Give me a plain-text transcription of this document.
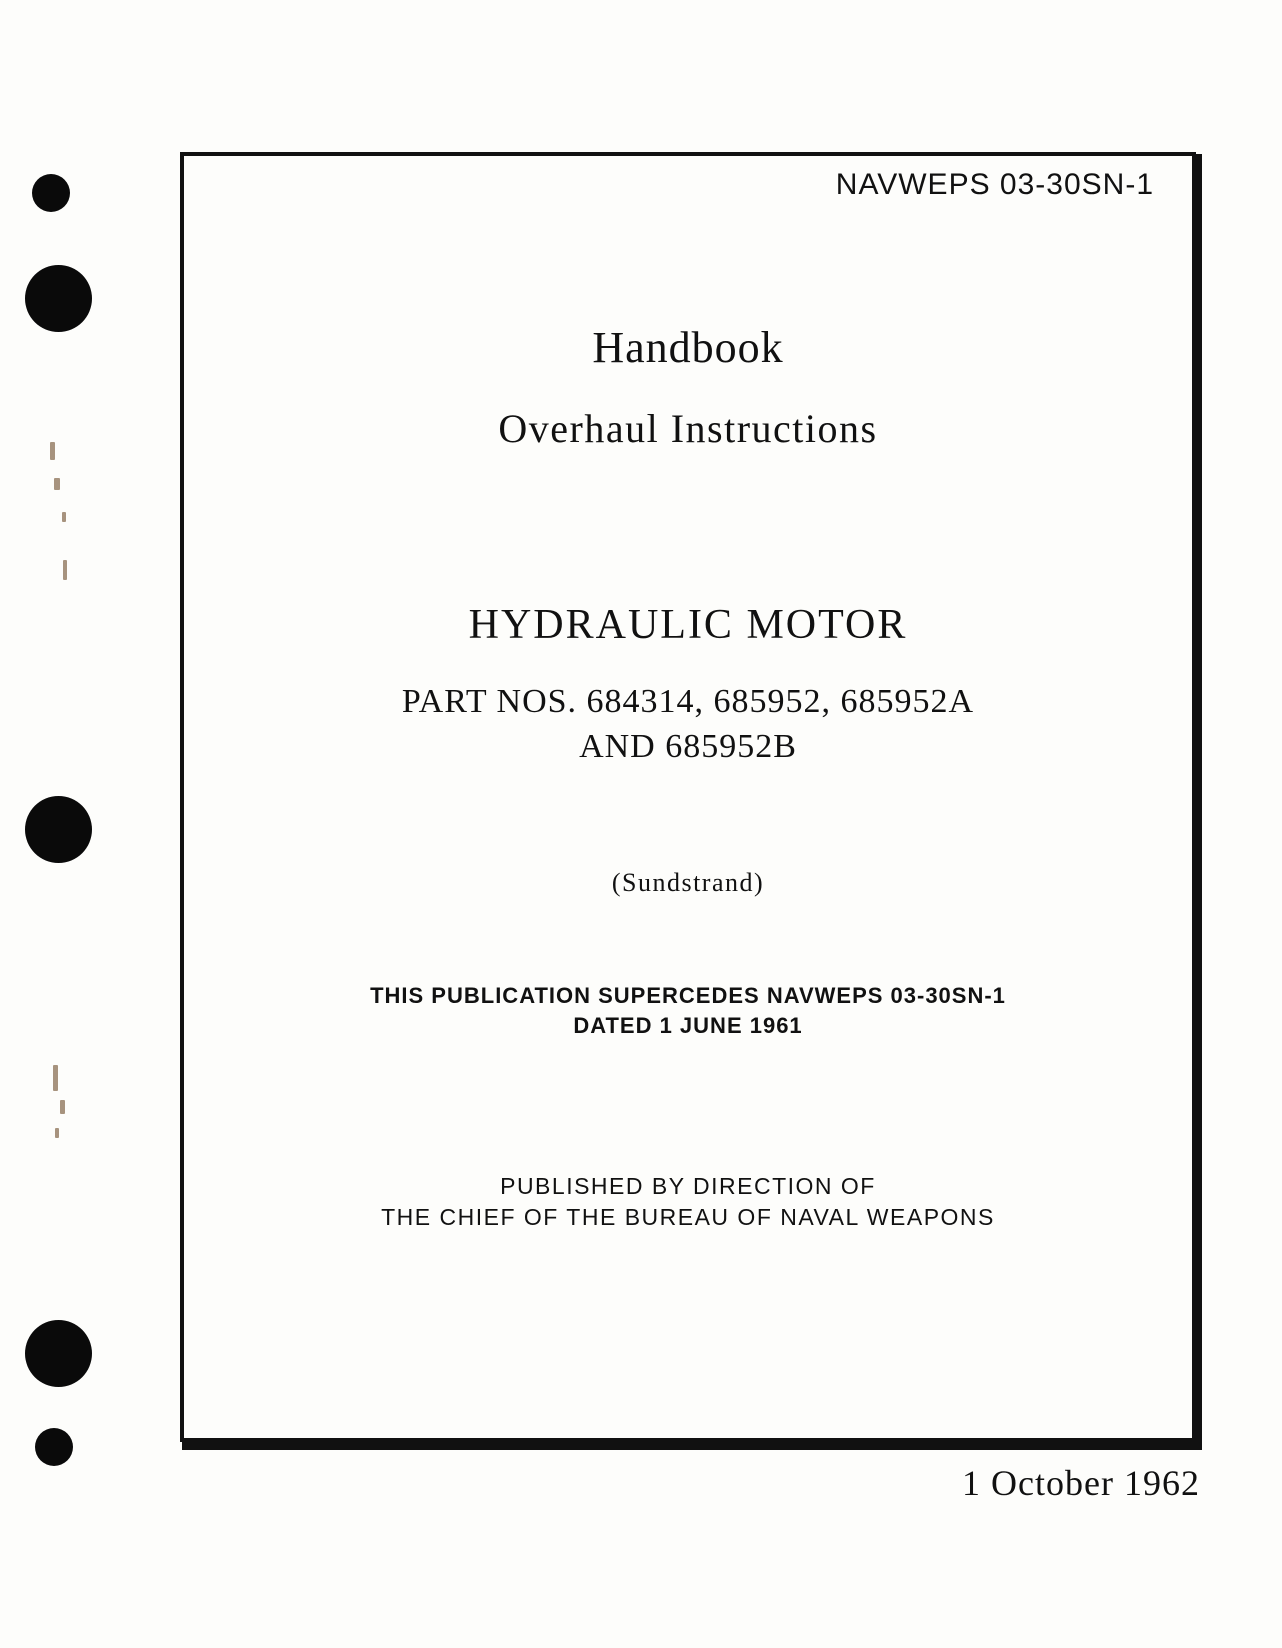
NAVWEPS 03-30SN-1
Handbook
Overhaul Instructions
HYDRAULIC MOTOR
PART NOS. 684314, 685952, 685952A
AND 685952B
(Sundstrand)
THIS PUBLICATION SUPERCEDES NAVWEPS 03-30SN-1
DATED 1 JUNE 1961
PUBLISHED BY DIRECTION OF
THE CHIEF OF THE BUREAU OF NAVAL WEAPONS
1 October 1962
